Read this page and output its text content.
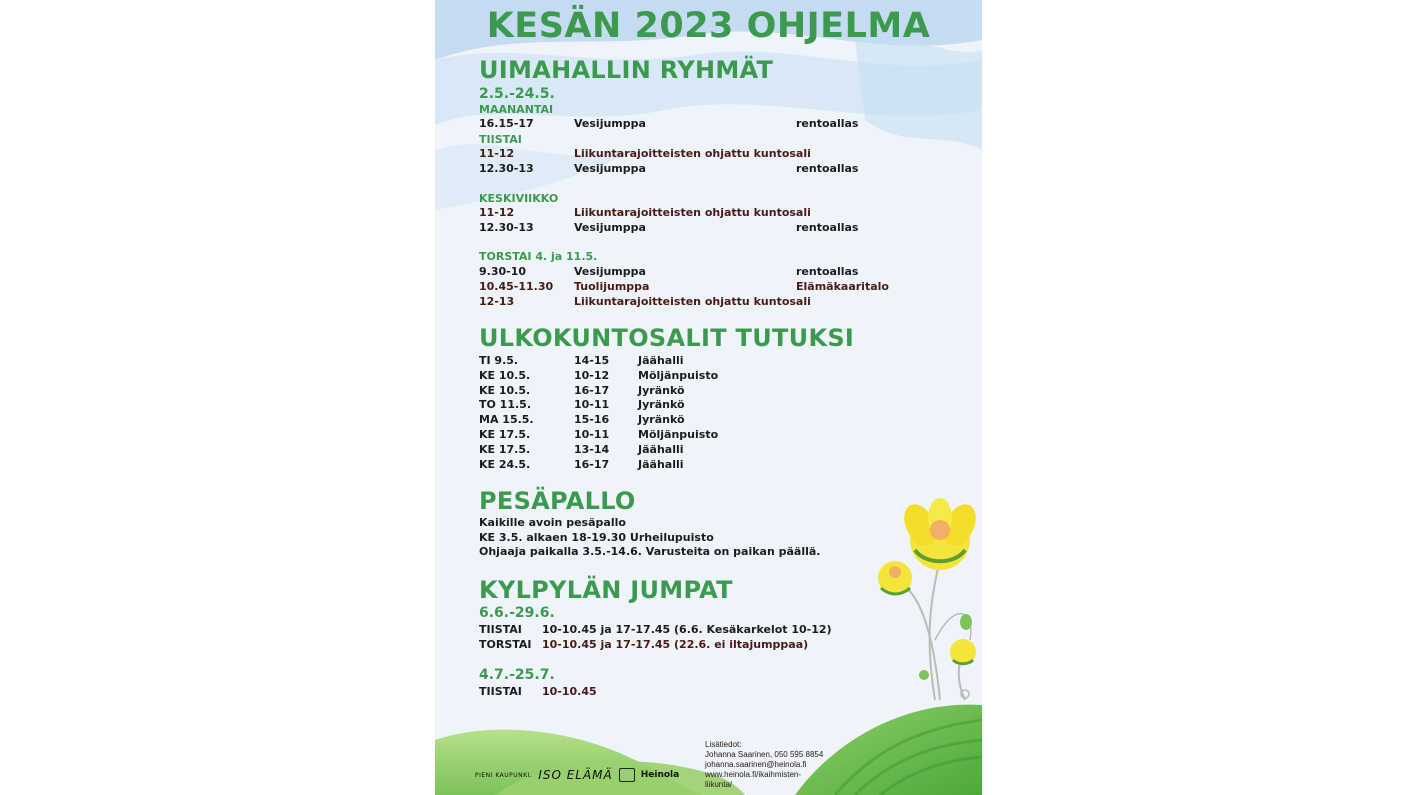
KESÄN 2023 OHJELMA
UIMAHALLIN RYHMÄT
2.5.-24.5.
MAANANTAI
16.15-17	Vesijumppa	rentoallas
TIISTAI
11-12	Liikuntarajoitteisten ohjattu kuntosali
12.30-13	Vesijumppa	rentoallas
KESKIVIIKKO
11-12	Liikuntarajoitteisten ohjattu kuntosali
12.30-13	Vesijumppa	rentoallas
TORSTAI 4. ja 11.5.
9.30-10	Vesijumppa	rentoallas
10.45-11.30 Tuolijumppa	Elämäkaaritalo
12-13	Liikuntarajoitteisten ohjattu kuntosali
ULKOKUNTOSALIT TUTUKSI
TI 9.5.	14-15	Jäähalli
KE 10.5.	10-12	Möljänpuisto
KE 10.5.	16-17	Jyränkö
TO 11.5.	10-11	Jyränkö
MA 15.5.	15-16	Jyränkö
KE 17.5.	10-11	Möljänpuisto
KE 17.5.	13-14	Jäähalli
KE 24.5.	16-17	Jäähalli
PESÄPALLO
Kaikille avoin pesäpallo
KE 3.5. alkaen 18-19.30 Urheilupuisto
Ohjaaja paikalla 3.5.-14.6. Varusteita on paikan päällä.
KYLPYLÄN JUMPAT
6.6.-29.6.
TIISTAI 10-10.45 ja 17-17.45 (6.6. Kesäkarkelot 10-12)
TORSTAI 10-10.45 ja 17-17.45 (22.6. ei iltajumppaa)
4.7.-25.7.
TIISTAI 10-10.45
PIENI KAUPUNKI, ISO ELÄMÄ	Heinola
Lisätiedot:
Johanna Saarinen, 050 595 8854
johanna.saarinen@heinola.fi
www.heinola.fi/ikaihmisten-
liikunta/
